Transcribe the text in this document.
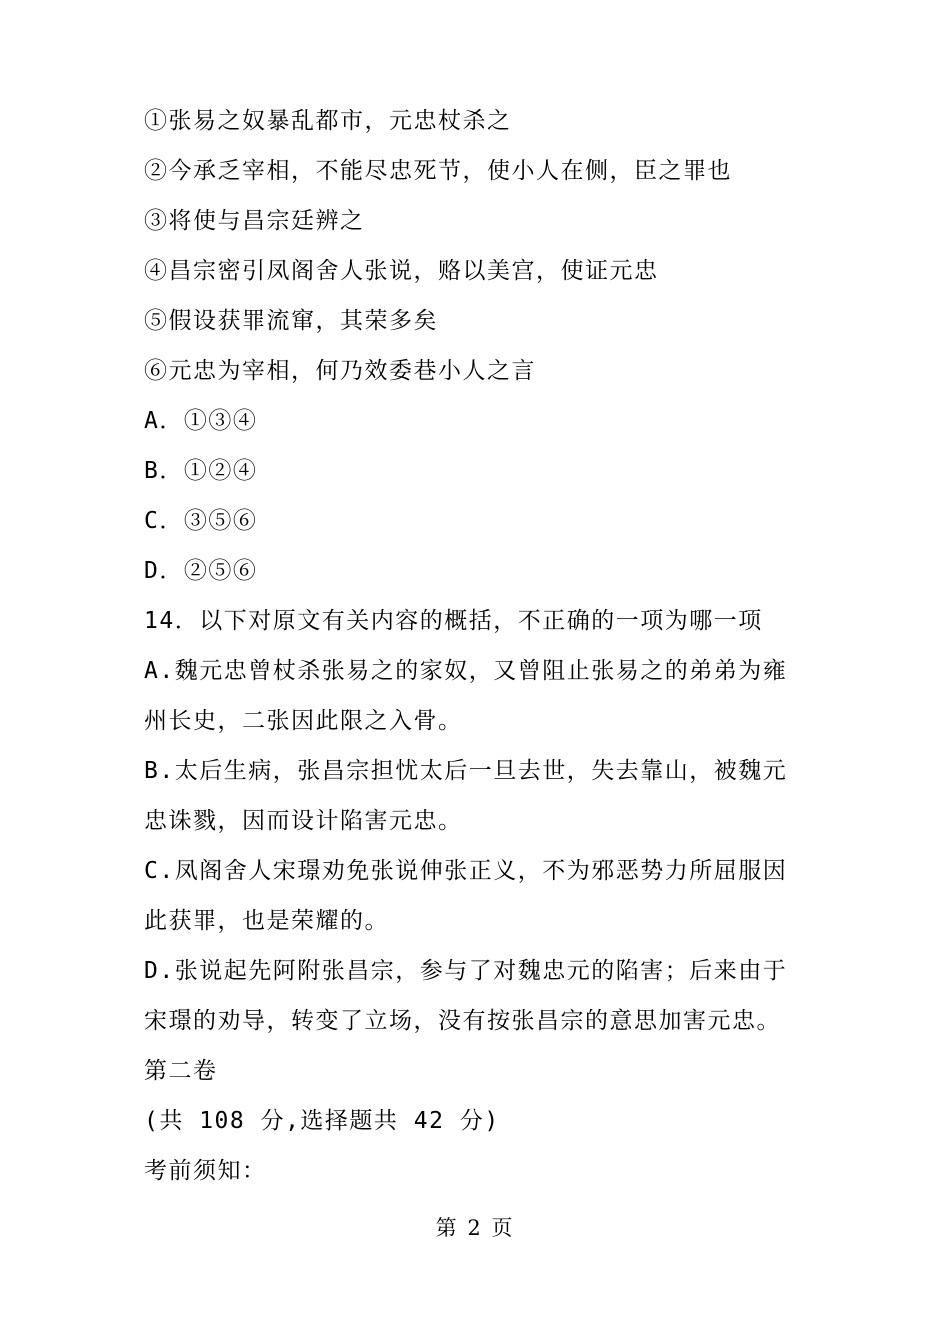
①张易之奴暴乱都市，元忠杖杀之
②今承乏宰相，不能尽忠死节，使小人在侧，臣之罪也
③将使与昌宗廷辨之
④昌宗密引凤阁舍人张说，赂以美宫，使证元忠
⑤假设获罪流窜，其荣多矣
⑥元忠为宰相，何乃效委巷小人之言
A．①③④
B．①②④
C．③⑤⑥
D．②⑤⑥
14．以下对原文有关内容的概括，不正确的一项为哪一项
A.魏元忠曾杖杀张易之的家奴，又曾阻止张易之的弟弟为雍
州长史，二张因此限之入骨。
B.太后生病，张昌宗担忧太后一旦去世，失去靠山，被魏元
忠诛戮，因而设计陷害元忠。
C.凤阁舍人宋璟劝免张说伸张正义，不为邪恶势力所屈服因
此获罪，也是荣耀的。
D.张说起先阿附张昌宗，参与了对魏忠元的陷害；后来由于
宋璟的劝导，转变了立场，没有按张昌宗的意思加害元忠。
第二卷
(共 108 分,选择题共 42 分)
考前须知：
第 2 页
